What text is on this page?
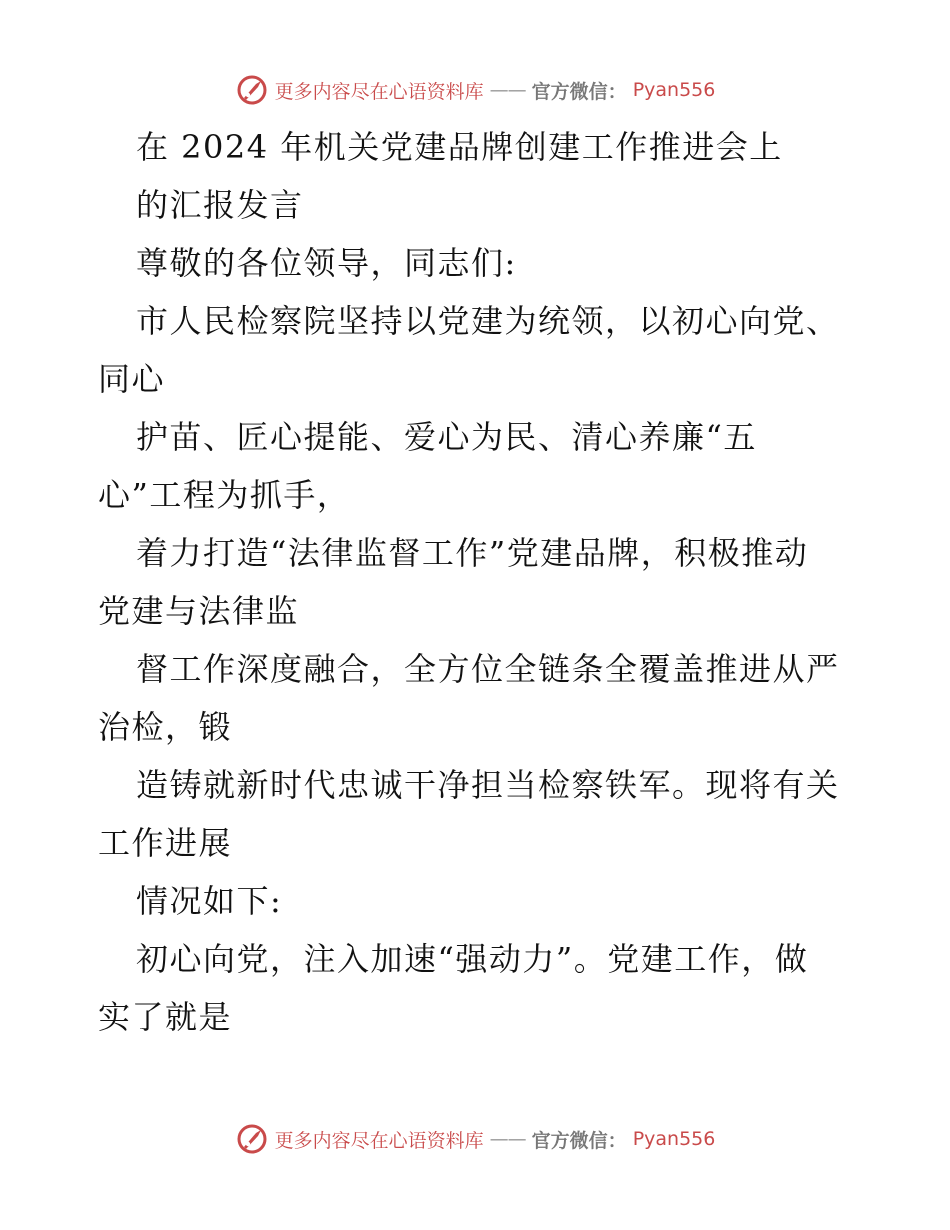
更多内容尽在心语资料库 —— 官方微信： Pyan556
在 2024 年机关党建品牌创建工作推进会上
的汇报发言
尊敬的各位领导，同志们:
市人民检察院坚持以党建为统领，以初心向党、
同心
护苗、匠心提能、爱心为民、清心养廉“五
心”工程为抓手，
着力打造“法律监督工作”党建品牌，积极推动
党建与法律监
督工作深度融合，全方位全链条全覆盖推进从严
治检，锻
造铸就新时代忠诚干净担当检察铁军。现将有关
工作进展
情况如下:
初心向党，注入加速“强动力”。党建工作，做
实了就是
更多内容尽在心语资料库 —— 官方微信： Pyan556
